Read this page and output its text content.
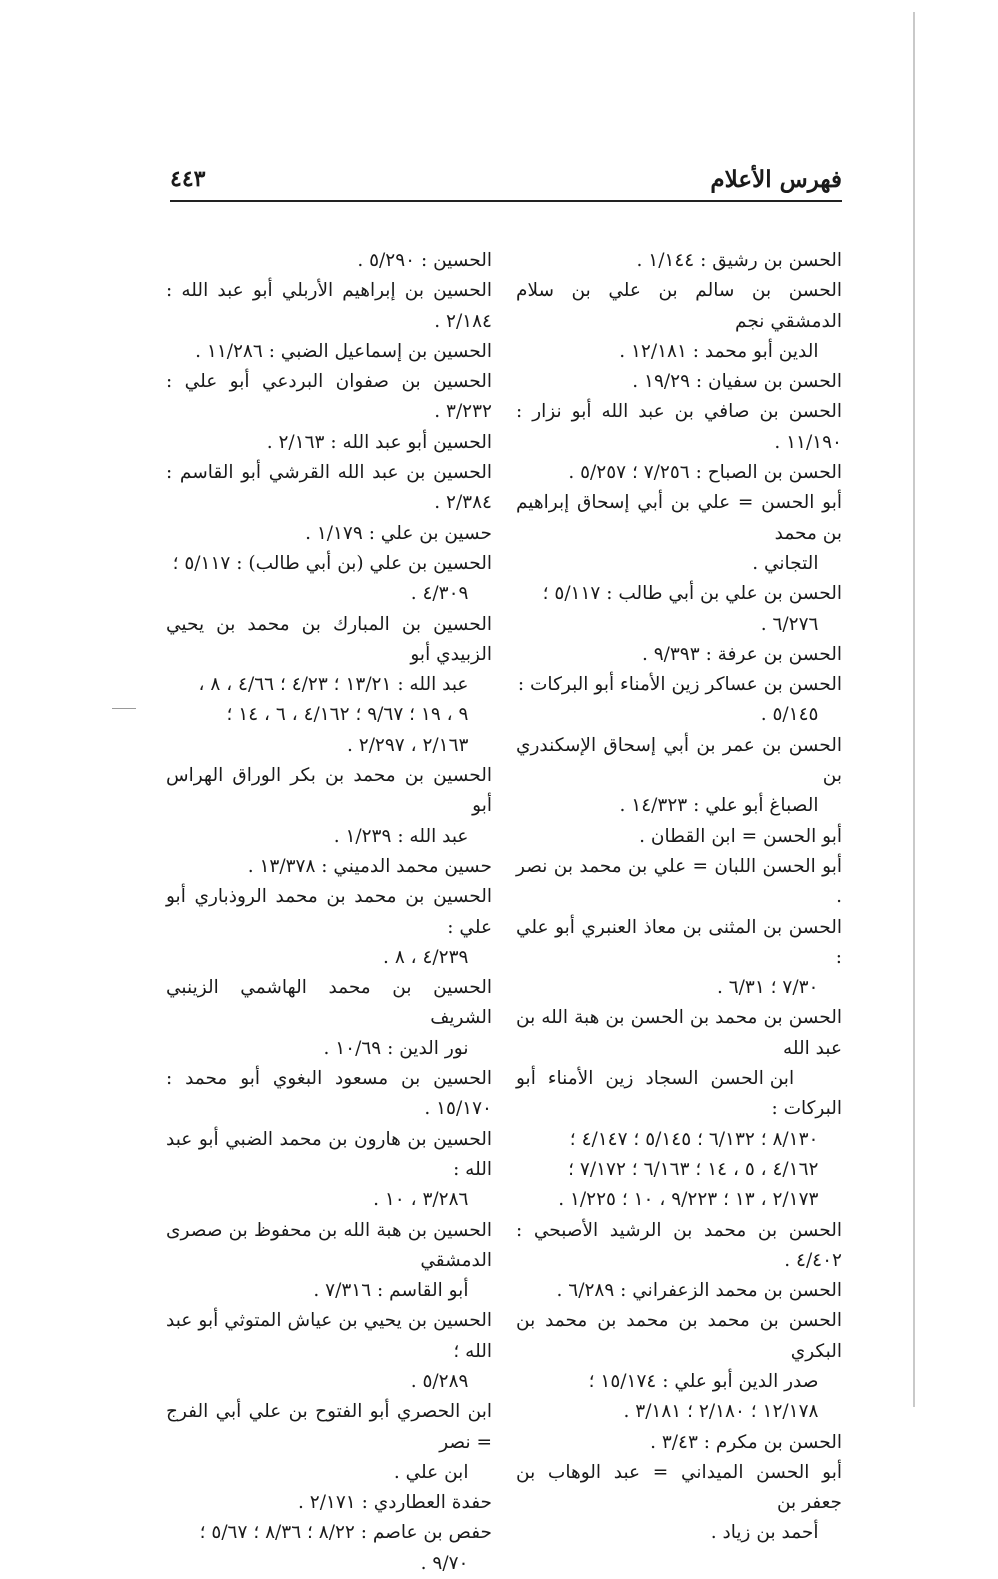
فهرس الأعلام
٤٤٣
الحسن بن رشيق : ١/١٤٤ .
الحسن بن سالم بن علي بن سلام الدمشقي نجم
الدين أبو محمد : ١٢/١٨١ .
الحسن بن سفيان : ١٩/٢٩ .
الحسن بن صافي بن عبد الله أبو نزار : ١١/١٩٠ .
الحسن بن الصباح : ٧/٢٥٦ ؛ ٥/٢٥٧ .
أبو الحسن = علي بن أبي إسحاق إبراهيم بن محمد
التجاني .
الحسن بن علي بن أبي طالب : ٥/١١٧ ؛
٦/٢٧٦ .
الحسن بن عرفة : ٩/٣٩٣ .
الحسن بن عساكر زين الأمناء أبو البركات :
٥/١٤٥ .
الحسن بن عمر بن أبي إسحاق الإسكندري بن
الصباغ أبو علي : ١٤/٣٢٣ .
أبو الحسن = ابن القطان .
أبو الحسن اللبان = علي بن محمد بن نصر .
الحسن بن المثنى بن معاذ العنبري أبو علي :
٧/٣٠ ؛ ٦/٣١ .
الحسن بن محمد بن الحسن بن هبة الله بن عبد الله
ابن الحسن السجاد زين الأمناء أبو البركات :
٨/١٣٠ ؛ ٦/١٣٢ ؛ ٥/١٤٥ ؛ ٤/١٤٧ ؛
٤/١٦٢ ، ٥ ، ١٤ ؛ ٦/١٦٣ ؛ ٧/١٧٢ ؛
٢/١٧٣ ، ١٣ ؛ ٩/٢٢٣ ، ١٠ ؛ ١/٢٢٥ .
الحسن بن محمد بن الرشيد الأصبحي : ٤/٤٠٢ .
الحسن بن محمد الزعفراني : ٦/٢٨٩ .
الحسن بن محمد بن محمد بن محمد بن البكري
صدر الدين أبو علي : ١٥/١٧٤ ؛
١٢/١٧٨ ؛ ٢/١٨٠ ؛ ٣/١٨١ .
الحسن بن مكرم : ٣/٤٣ .
أبو الحسن الميداني = عبد الوهاب بن جعفر بن
أحمد بن زياد .
الحسين : ٥/٢٩٠ .
الحسين بن إبراهيم الأربلي أبو عبد الله : ٢/١٨٤ .
الحسين بن إسماعيل الضبي : ١١/٢٨٦ .
الحسين بن صفوان البردعي أبو علي : ٣/٢٣٢ .
الحسين أبو عبد الله : ٢/١٦٣ .
الحسين بن عبد الله القرشي أبو القاسم : ٢/٣٨٤ .
حسين بن علي : ١/١٧٩ .
الحسين بن علي (بن أبي طالب) : ٥/١١٧ ؛
٤/٣٠٩ .
الحسين بن المبارك بن محمد بن يحيي الزبيدي أبو
عبد الله : ١٣/٢١ ؛ ٤/٢٣ ؛ ٤/٦٦ ، ٨ ،
٩ ، ١٩ ؛ ٩/٦٧ ؛ ٤/١٦٢ ، ٦ ، ١٤ ؛
٢/١٦٣ ، ٢/٢٩٧ .
الحسين بن محمد بن بكر الوراق الهراس أبو
عبد الله : ١/٢٣٩ .
حسين محمد الدميني : ١٣/٣٧٨ .
الحسين بن محمد بن محمد الروذباري أبو علي :
٤/٢٣٩ ، ٨ .
الحسين بن محمد الهاشمي الزينبي الشريف
نور الدين : ١٠/٦٩ .
الحسين بن مسعود البغوي أبو محمد : ١٥/١٧٠ .
الحسين بن هارون بن محمد الضبي أبو عبد الله :
٣/٢٨٦ ، ١٠ .
الحسين بن هبة الله بن محفوظ بن صصرى الدمشقي
أبو القاسم : ٧/٣١٦ .
الحسين بن يحيي بن عياش المتوثي أبو عبد الله ؛
٥/٢٨٩ .
ابن الحصري أبو الفتوح بن علي أبي الفرج = نصر
ابن علي .
حفدة العطاردي : ٢/١٧١ .
حفص بن عاصم : ٨/٢٢ ؛ ٨/٣٦ ؛ ٥/٦٧ ؛
٩/٧٠ .
